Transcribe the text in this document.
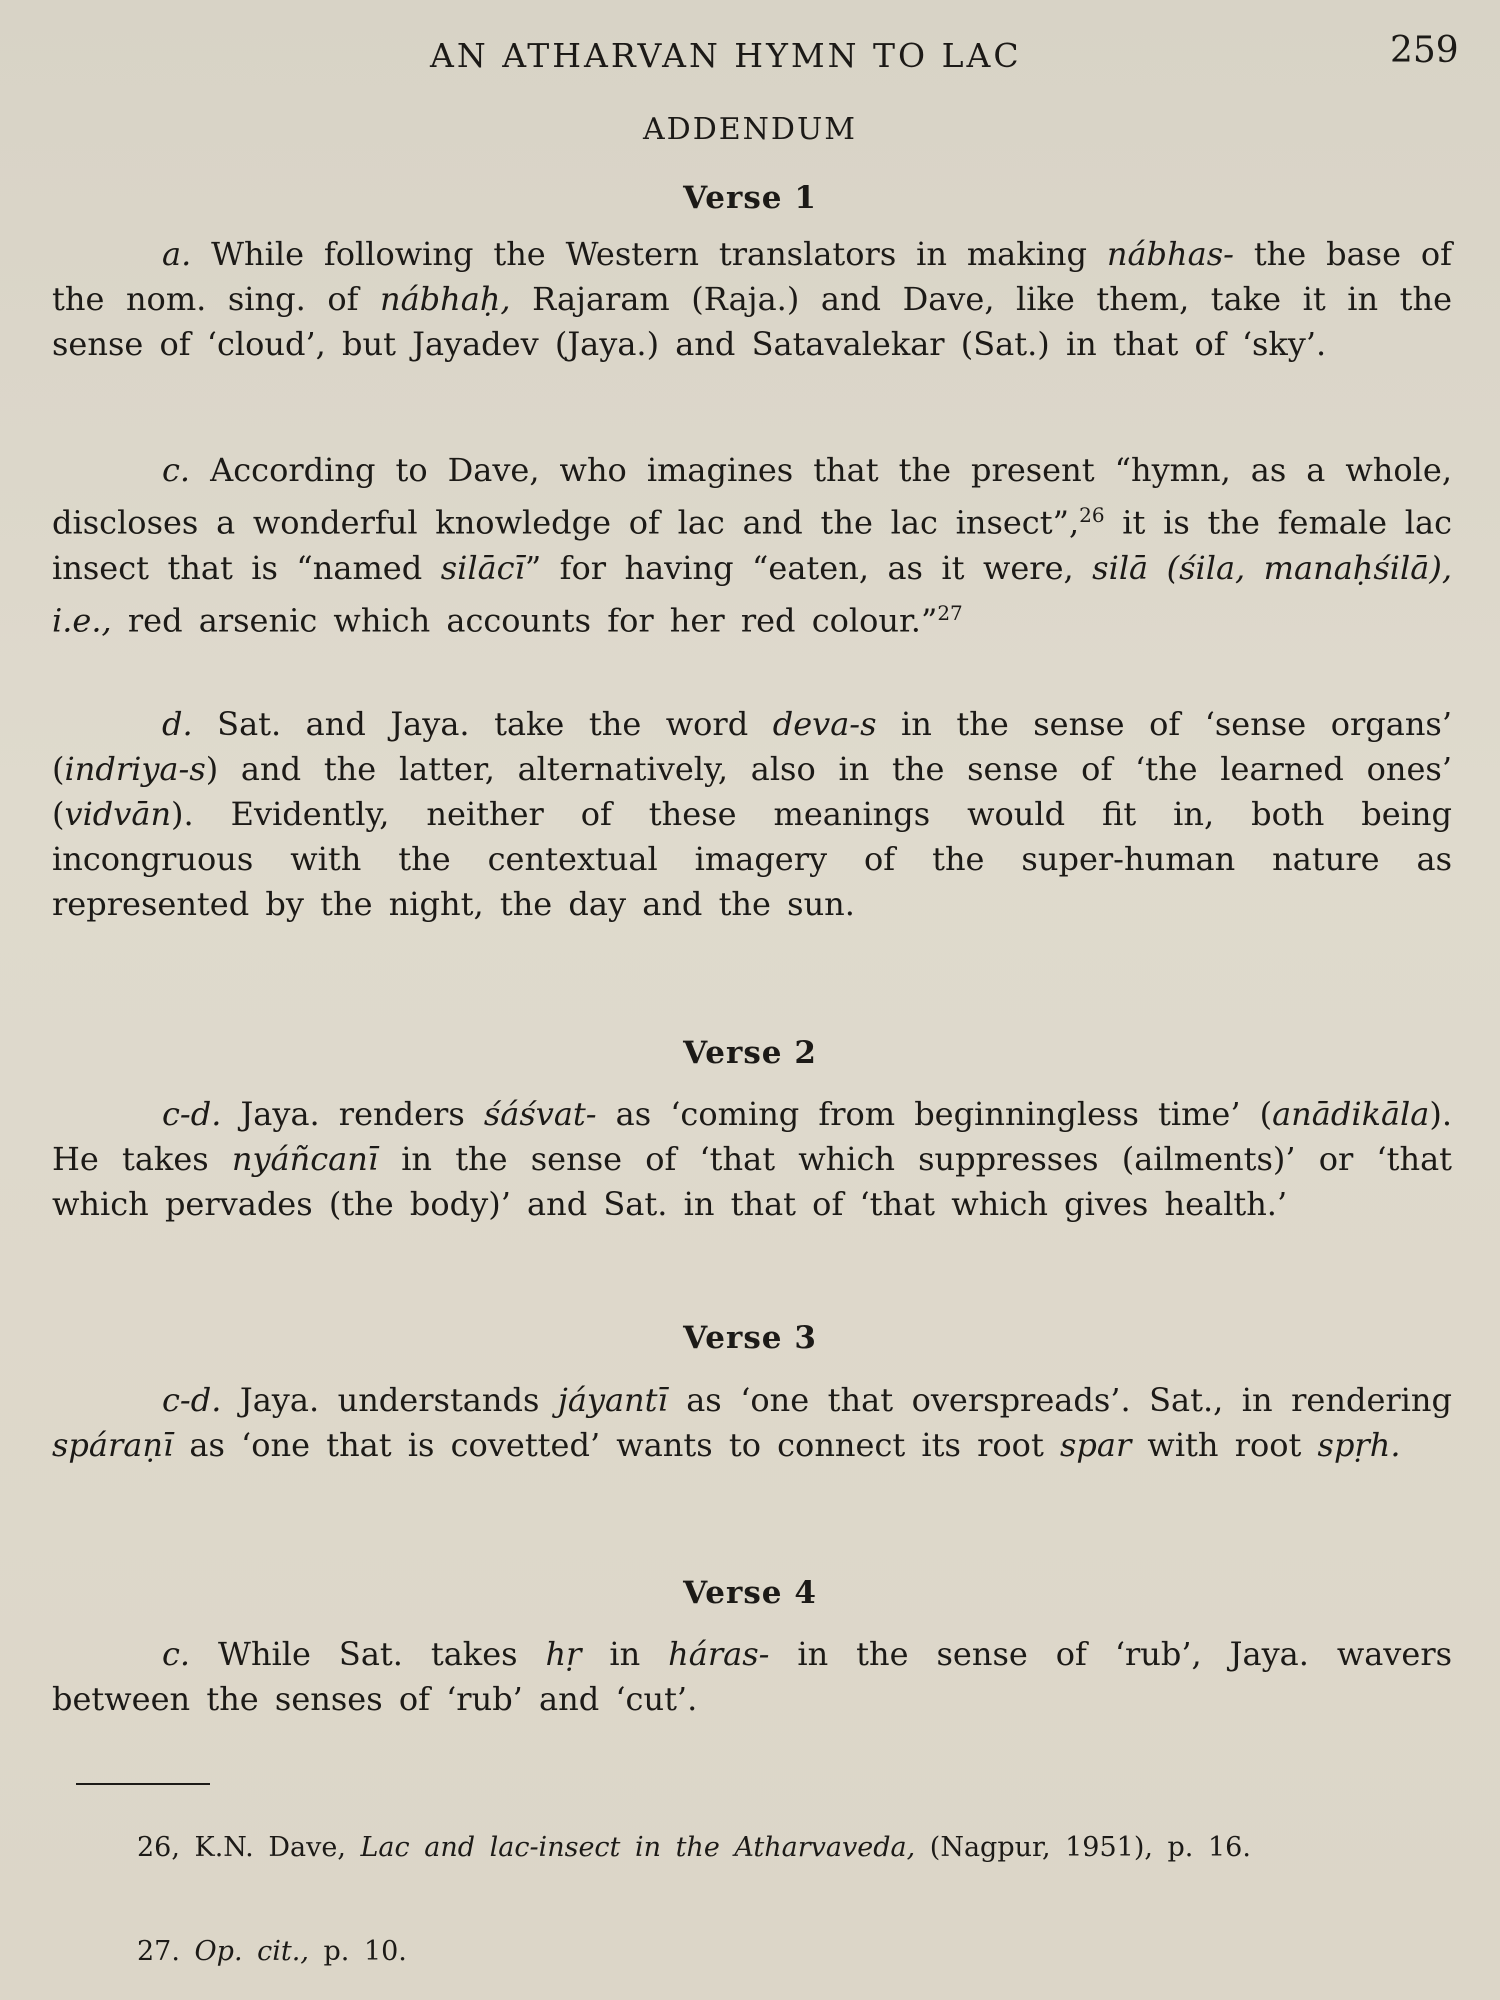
AN ATHARVAN HYMN TO LAC	259
ADDENDUM
Verse 1

a. While following the Western translators in making nábhas- the base of the nom. sing. of nábhaḥ, Rajaram (Raja.) and Dave, like them, take it in the sense of ‘cloud’, but Jayadev (Jaya.) and Satavalekar (Sat.) in that of ‘sky’.

c. According to Dave, who imagines that the present “hymn, as a whole, discloses a wonderful knowledge of lac and the lac insect”,$^{26}$ it is the female lac insect that is “named silācī” for having “eaten, as it were, silā (śila, manaḥśilā), i.e., red arsenic which accounts for her red colour.”$^{27}$

d. Sat. and Jaya. take the word deva-s in the sense of ‘sense organs’ (indriya-s) and the latter, alternatively, also in the sense of ‘the learned ones’ (vidvān). Evidently, neither of these meanings would fit in, both being incongruous with the centextual imagery of the super-human nature as represented by the night, the day and the sun.

Verse 2

c-d. Jaya. renders śáśvat- as ‘coming from beginningless time’ (anādikāla). He takes nyáñcanī in the sense of ‘that which suppresses (ailments)’ or ‘that which pervades (the body)’ and Sat. in that of ‘that which gives health.’

Verse 3

c-d. Jaya. understands jáyantī as ‘one that overspreads’. Sat., in rendering spáraṇī as ‘one that is covetted’ wants to connect its root spar with root spṛh.

Verse 4

c. While Sat. takes hṛ in háras- in the sense of ‘rub’, Jaya. wavers between the senses of ‘rub’ and ‘cut’.

26, K.N. Dave, Lac and lac-insect in the Atharvaveda, (Nagpur, 1951), p. 16.

27. Op. cit., p. 10.
